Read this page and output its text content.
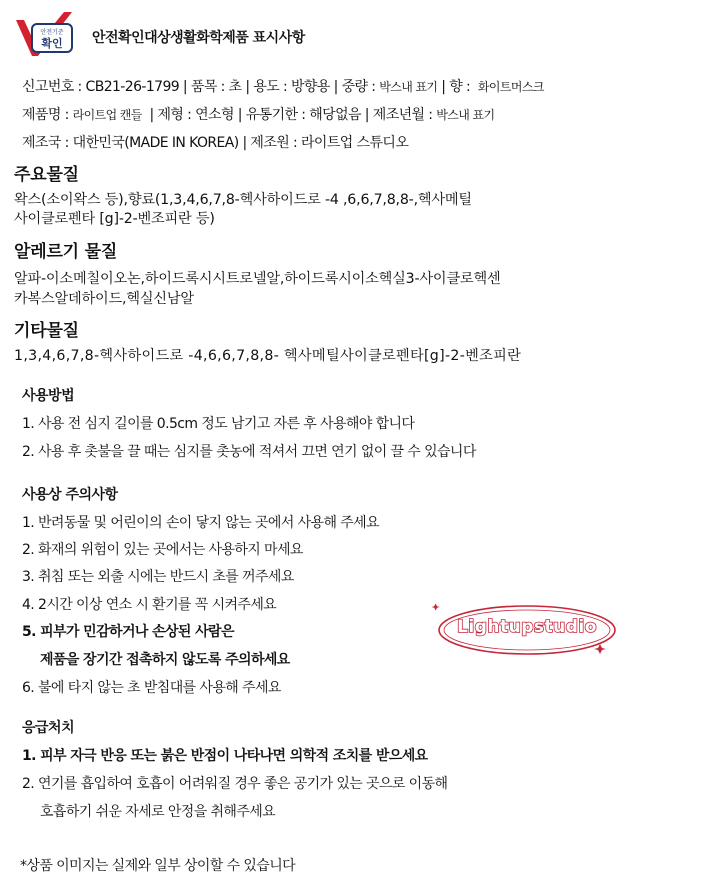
안전기준
확인 안전확인대상생활화학제품 표시사항
신고번호 : CB21-26-1799 | 품목 : 초 | 용도 : 방향용 | 중량 : 박스내 표기 | 향 :  화이트머스크
제품명 : 라이트업 캔들  | 제형 : 연소형 | 유통기한 : 해당없음 | 제조년월 : 박스내 표기
제조국 : 대한민국(MADE IN KOREA) | 제조원 : 라이트업 스튜디오
주요물질
왁스(소이왁스 등),향료(1,3,4,6,7,8-헥사하이드로 -4 ,6,6,7,8,8-,헥사메틸
사이클로펜타 [g]-2-벤조피란 등)
알레르기 물질
알파-이소메칠이오논,하이드록시시트로넬알,하이드록시이소헥실3-사이클로헥센
카복스알데하이드,헥실신남알
기타물질
1,3,4,6,7,8-헥사하이드로 -4,6,6,7,8,8- 헥사메틸사이클로펜타[g]-2-벤조피란
사용방법
1. 사용 전 심지 길이를 0.5cm 정도 남기고 자른 후 사용해야 합니다
2. 사용 후 촛불을 끌 때는 심지를 촛농에 적셔서 끄면 연기 없이 끌 수 있습니다
사용상 주의사항
1. 반려동물 및 어린이의 손이 닿지 않는 곳에서 사용해 주세요
2. 화재의 위험이 있는 곳에서는 사용하지 마세요
3. 취침 또는 외출 시에는 반드시 초를 꺼주세요
4. 2시간 이상 연소 시 환기를 꼭 시켜주세요
5. 피부가 민감하거나 손상된 사람은
제품을 장기간 접촉하지 않도록 주의하세요
6. 불에 타지 않는 초 받침대를 사용해 주세요
Lightupstudio
응급처치
1. 피부 자극 반응 또는 붉은 반점이 나타나면 의학적 조치를 받으세요
2. 연기를 흡입하여 호흡이 어려워질 경우 좋은 공기가 있는 곳으로 이동해
호흡하기 쉬운 자세로 안정을 취해주세요
*상품 이미지는 실제와 일부 상이할 수 있습니다
